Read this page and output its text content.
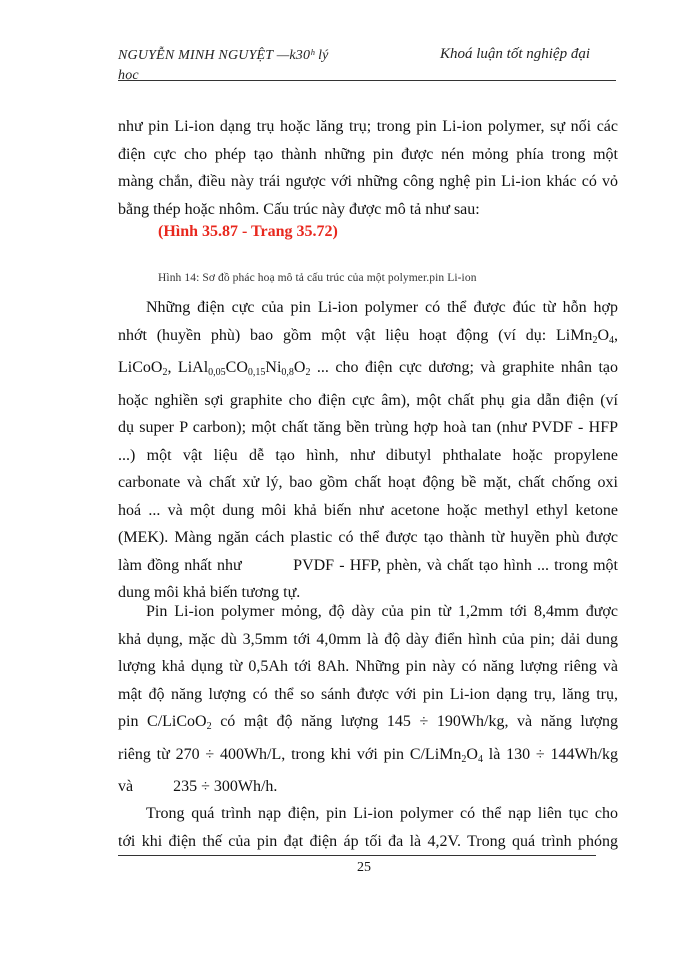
NGUYỄN MINH NGUYỆT —k30ʰ lý học
Khoá luận tốt nghiệp đại
như pin Li-ion dạng trụ hoặc lăng trụ; trong pin Li-ion polymer, sự nối các
điện cực cho phép tạo thành những pin được nén mỏng phía trong một
màng chắn, điều này trái ngược với những công nghệ pin Li-ion khác có vỏ
bằng thép hoặc nhôm. Cấu trúc này được mô tả như sau:
(Hình 35.87 - Trang 35.72)
Hình 14: Sơ đồ phác hoạ mô tả cấu trúc của một polymer.pin Li-ion
Những điện cực của pin Li-ion polymer có thể được đúc từ hỗn hợp
nhớt (huyền phù) bao gồm một vật liệu hoạt động (ví dụ: $LiMn_2O_4$,
LiCoO$_2$, $LiAl_{0,05}CO_{0,15}Ni_{0,8}O_2$ ... cho điện cực dương; và graphite nhân tạo
hoặc nghiền sợi graphite cho điện cực âm), một chất phụ gia dẫn điện (ví
dụ super P carbon); một chất tăng bền trùng hợp hoà tan (như PVDF - HFP
...) một vật liệu dễ tạo hình, như dibutyl phthalate hoặc propylene
carbonate và chất xử lý, bao gồm chất hoạt động bề mặt, chất chống oxi
hoá ... và một dung môi khả biến như acetone hoặc methyl ethyl ketone
(MEK). Màng ngăn cách plastic có thể được tạo thành từ huyền phù được
làm đồng nhất như          PVDF - HFP, phèn, và chất tạo hình ... trong một
dung môi khả biến tương tự.
Pin Li-ion polymer mỏng, độ dày của pin từ 1,2mm tới 8,4mm được
khả dụng, mặc dù 3,5mm tới 4,0mm là độ dày điển hình của pin; dải dung
lượng khả dụng từ 0,5Ah tới 8Ah. Những pin này có năng lượng riêng và
mật độ năng lượng có thể so sánh được với pin Li-ion dạng trụ, lăng trụ,
pin C/LiCoO$_2$ có mật độ năng lượng 145 ÷ 190Wh/kg, và năng lượng
riêng từ 270 ÷ 400Wh/L, trong khi với pin $C/LiMn_2O_4$ là 130 ÷ 144Wh/kg
và          235 ÷ 300Wh/h.
Trong quá trình nạp điện, pin Li-ion polymer có thể nạp liên tục cho
tới khi điện thế của pin đạt điện áp tối đa là 4,2V. Trong quá trình phóng
25
